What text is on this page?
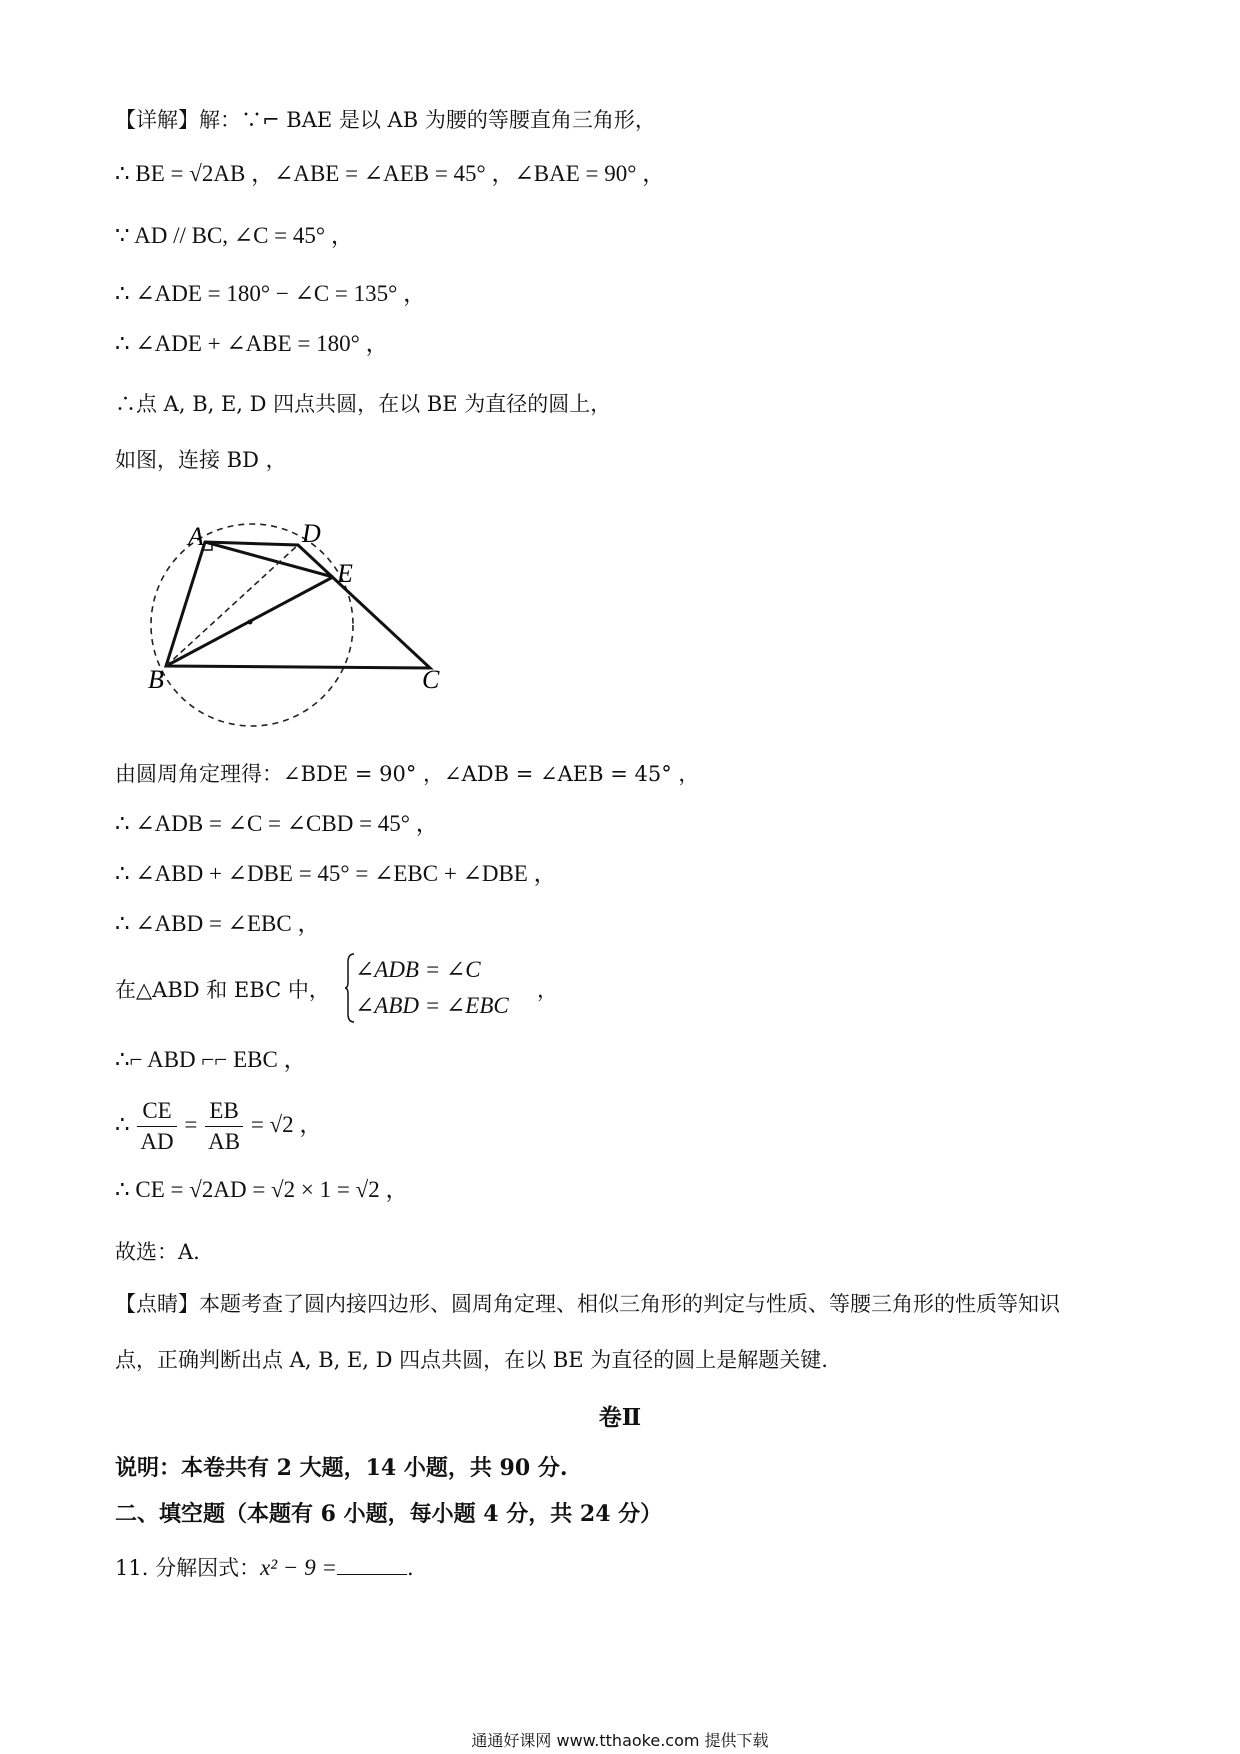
【详解】解：∵⌐ BAE 是以 AB 为腰的等腰直角三角形，
∴ BE = √2AB ，∠ABE = ∠AEB = 45° ，∠BAE = 90° ，
∵ AD // BC, ∠C = 45° ，
∴ ∠ADE = 180° − ∠C = 135° ，
∴ ∠ADE + ∠ABE = 180° ，
∴点 A, B, E, D 四点共圆，在以 BE 为直径的圆上，
如图，连接 BD ，
A	D
E
B	C
由圆周角定理得：∠BDE = 90° ，∠ADB = ∠AEB = 45° ，
∴ ∠ADB = ∠C = ∠CBD = 45° ，
∴ ∠ABD + ∠DBE = 45° = ∠EBC + ∠DBE ，
∴ ∠ABD = ∠EBC ，
在△ABD 和 EBC 中，
∠ADB = ∠C
∠ABD = ∠EBC
，
∴⌐ ABD ⌐⌐ EBC ，
∴ $\frac{CE}{AD} = \frac{EB}{AB} = √2$ ，
∴ CE = √2AD = √2 × 1 = √2 ，
故选：A.
【点睛】本题考查了圆内接四边形、圆周角定理、相似三角形的判定与性质、等腰三角形的性质等知识
点，正确判断出点 A, B, E, D 四点共圆，在以 BE 为直径的圆上是解题关键.
卷Ⅱ
说明：本卷共有 2 大题，14 小题，共 90 分.
二、填空题（本题有 6 小题，每小题 4 分，共 24 分）
11. 分解因式：x² − 9 =	.
通通好课网 www.tthaoke.com 提供下载
